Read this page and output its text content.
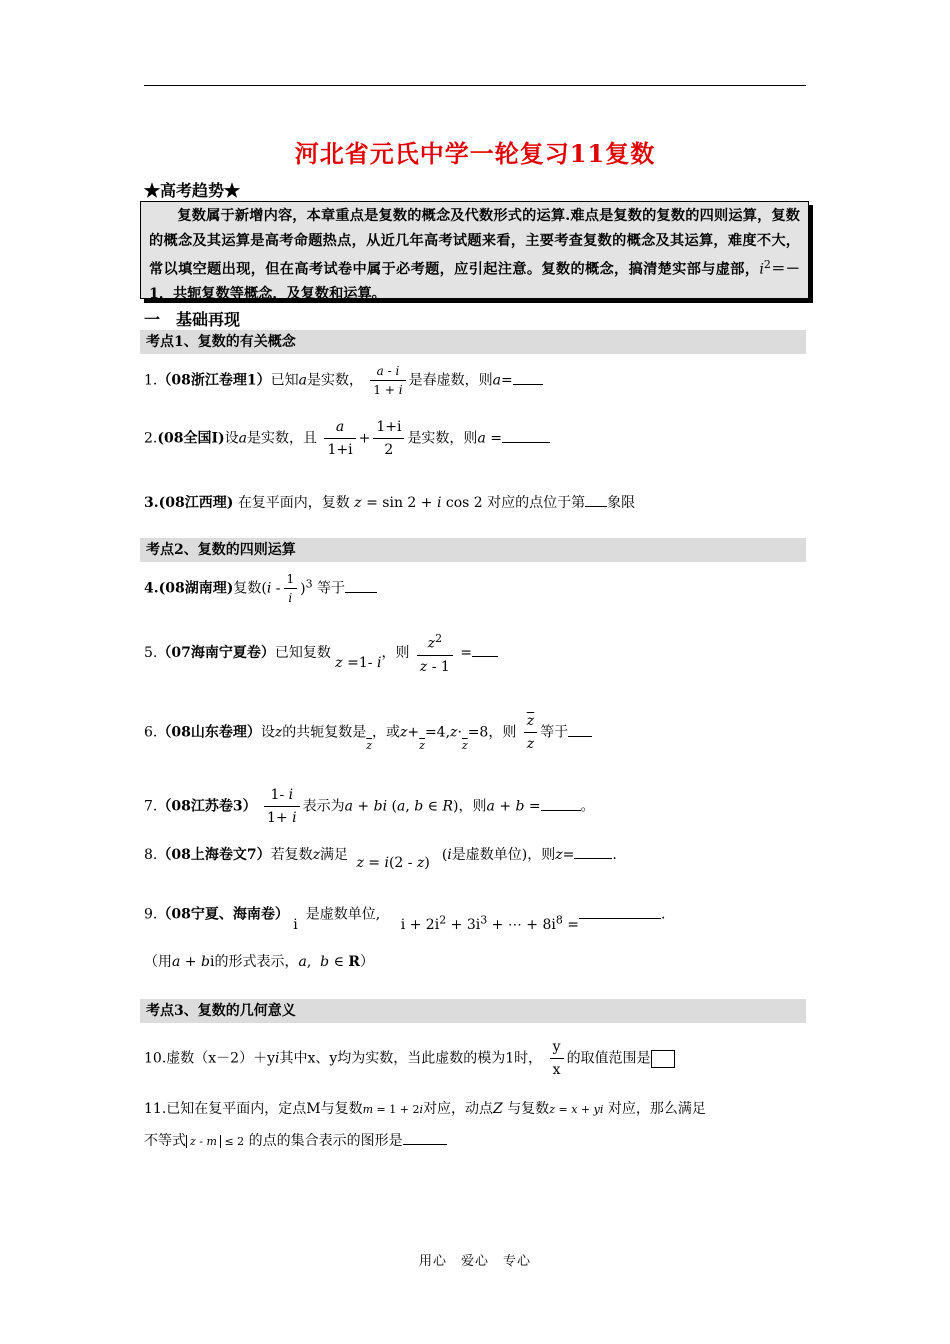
河北省元氏中学一轮复习11复数
★高考趋势★

复数属于新增内容，本章重点是复数的概念及代数形式的运算.难点是复数的复数的四则运算，复数的概念及其运算是高考命题热点，从近几年高考试题来看，主要考查复数的概念及其运算，难度不大，常以填空题出现，但在高考试卷中属于必考题，应引起注意。复数的概念，搞清楚实部与虚部，$i^2=-1$，共轭复数等概念，及复数和运算。

一　基础再现
考点1、复数的有关概念
1.（08浙江卷理1）已知a是实数， $\frac{a - i}{1 + i}$ 是春虚数，则a=
2.(08全国Ⅰ)设a是实数，且 $\frac{a}{1+i} + \frac{1+i}{2}$ 是实数，则a =
3.(08江西理) 在复平面内，复数 z = sin 2 + i cos 2 对应的点位于第 象限
考点2、复数的四则运算
4.(08湖南理)复数$(i - \frac{1}{i} )^3$ 等于
5.（07海南宁夏卷）已知复数 z =1- i，则 $\frac{z^2}{z - 1}$ =
6.（08山东卷理）设z的共轭复数是$_{\overline{z}}$，或$z+_{\overline{z}}=4,z\cdot_{\overline{z}}=8$，则 $\frac{\overline{z}}{z}$ 等于
7.（08江苏卷$3) \frac{1- i}{1+ i}$ 表示为a + bi (a, b ∈ R)，则a + b =	。
8.（08上海卷文7）若复数z满足 z = i(2 - z) (i是虚数单位)，则z=	.
9.（08宁夏、海南卷） i是虚数单位, $i + 2i^2 + 3i^3$ + ⋯ + $8i^8$ =.
（用a + bi的形式表示，a,  b ∈ R）
考点3、复数的几何意义
10.虚数（x－2）＋yi其中x、y均为实数，当此虚数的模为1时， $\frac{y}{x}$ 的取值范围是
11.已知在复平面内，定点M与复数m = 1 + 2i对应，动点Z 与复数z = x + yi 对应，那么满足
不等式 z - m ≤ 2 的点的集合表示的图形是
用心　爱心　专心
